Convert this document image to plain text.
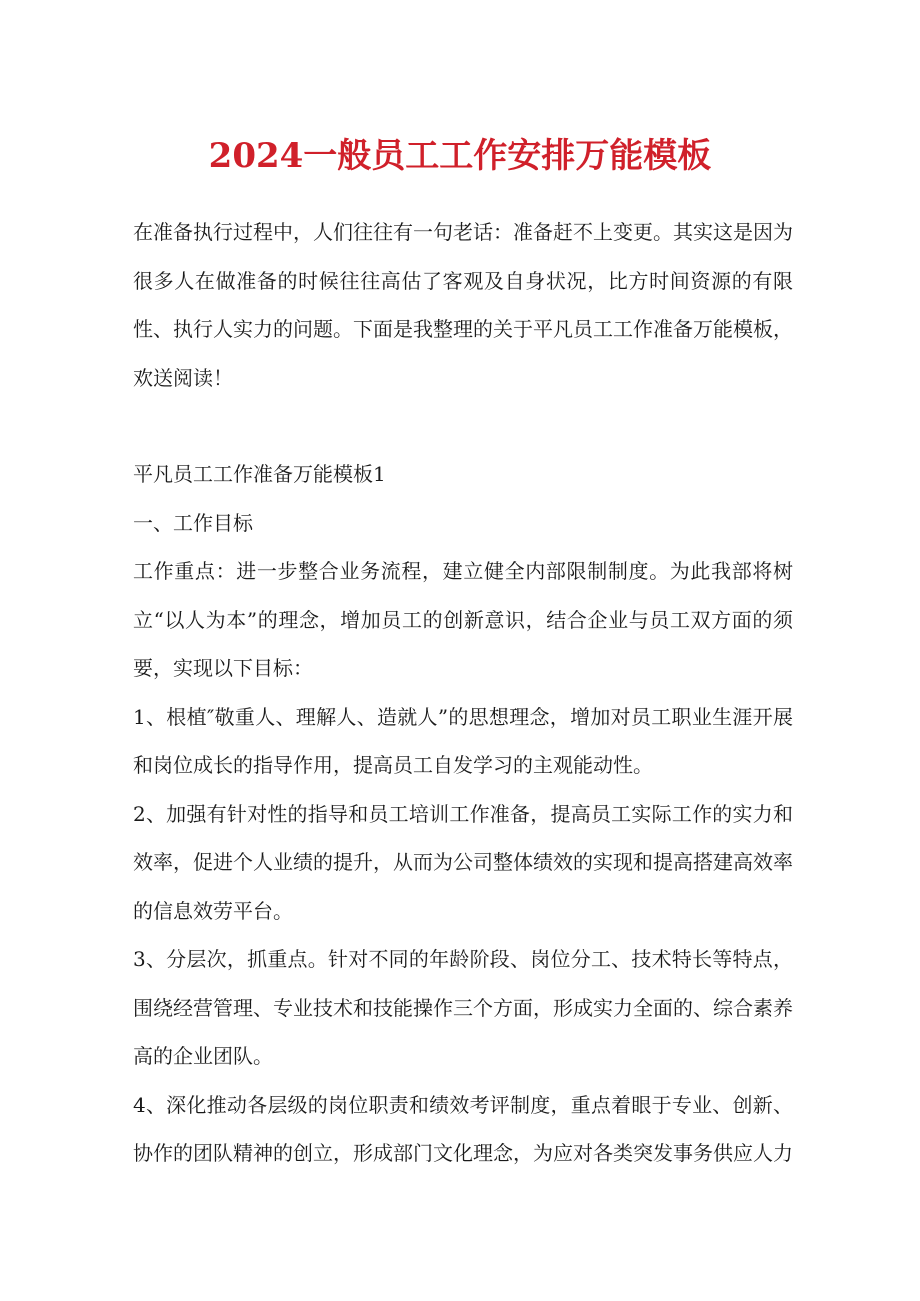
2024一般员工工作安排万能模板

在准备执行过程中，人们往往有一句老话：准备赶不上变更。其实这是因为很多人在做准备的时候往往高估了客观及自身状况，比方时间资源的有限性、执行人实力的问题。下面是我整理的关于平凡员工工作准备万能模板，欢送阅读！

平凡员工工作准备万能模板1

一、工作目标

工作重点：进一步整合业务流程，建立健全内部限制制度。为此我部将树立“以人为本”的理念，增加员工的创新意识，结合企业与员工双方面的须要，实现以下目标：

1、根植″敬重人、理解人、造就人”的思想理念，增加对员工职业生涯开展和岗位成长的指导作用，提高员工自发学习的主观能动性。

2、加强有针对性的指导和员工培训工作准备，提高员工实际工作的实力和效率，促进个人业绩的提升，从而为公司整体绩效的实现和提高搭建高效率的信息效劳平台。

3、分层次，抓重点。针对不同的年龄阶段、岗位分工、技术特长等特点，围绕经营管理、专业技术和技能操作三个方面，形成实力全面的、综合素养高的企业团队。

4、深化推动各层级的岗位职责和绩效考评制度，重点着眼于专业、创新、协作的团队精神的创立，形成部门文化理念，为应对各类突发事务供应人力
